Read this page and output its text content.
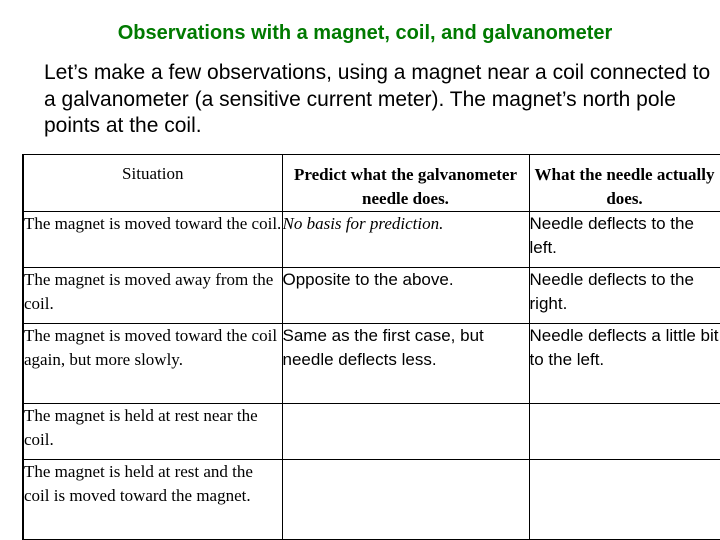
Observations with a magnet, coil, and galvanometer
Let’s make a few observations, using a magnet near a coil connected to a galvanometer (a sensitive current meter). The magnet’s north pole points at the coil.
Situation	Predict what the galvanometer needle does.	What the needle actually does.

The magnet is moved toward the coil.	No basis for prediction.	Needle deflects to the left.
The magnet is moved away from the coil.	Opposite to the above.	Needle deflects to the right.
The magnet is moved toward the coil again, but more slowly.	Same as the first case, but needle deflects less.	Needle deflects a little bit to the left.
The magnet is held at rest near the coil.		
The magnet is held at rest and the coil is moved toward the magnet.		
